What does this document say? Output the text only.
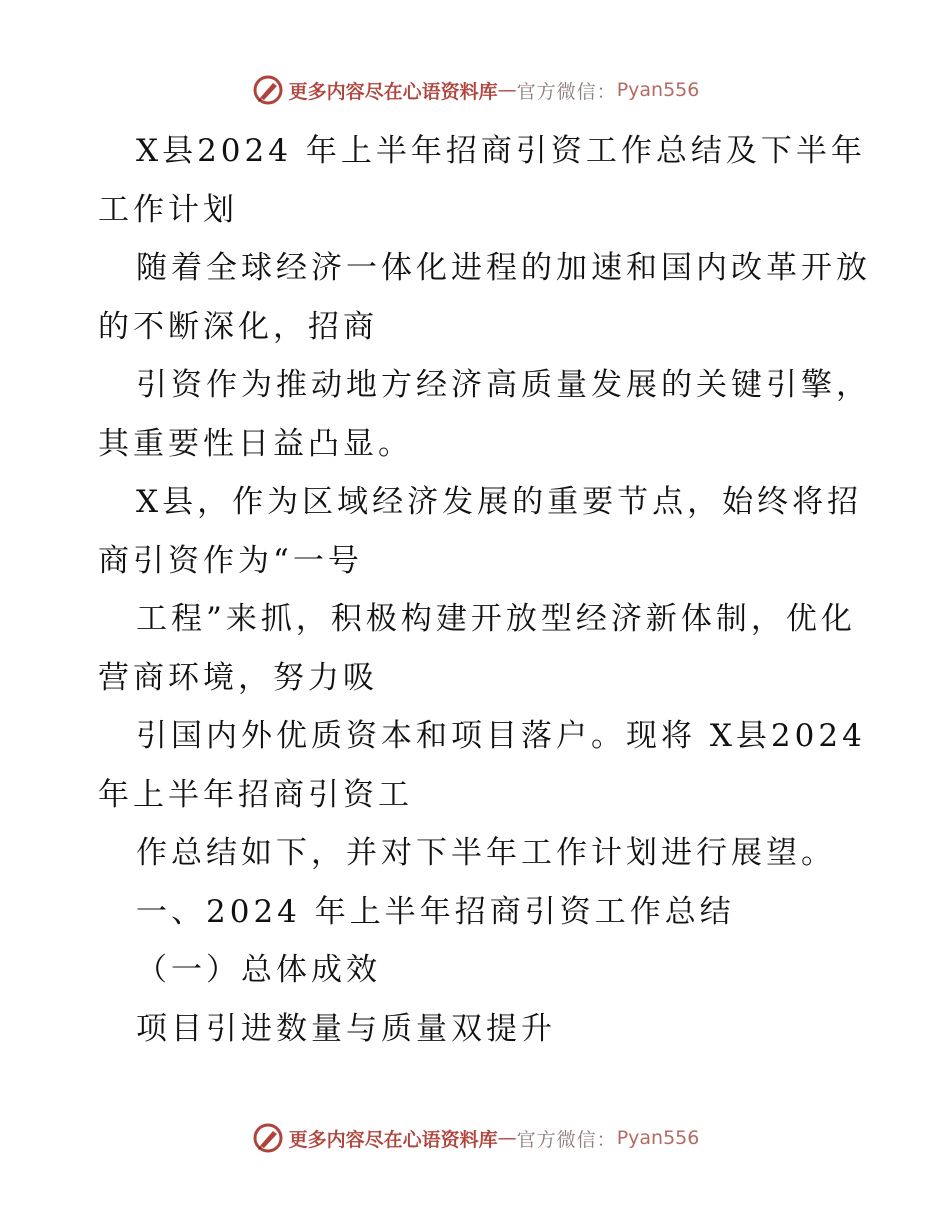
更多内容尽在心语资料库 — 官方微信： Pyan556
X县2024 年上半年招商引资工作总结及下半年
工作计划
随着全球经济一体化进程的加速和国内改革开放
的不断深化，招商
引资作为推动地方经济高质量发展的关键引擎，
其重要性日益凸显。
X县，作为区域经济发展的重要节点，始终将招
商引资作为“一号
工程”来抓，积极构建开放型经济新体制，优化
营商环境，努力吸
引国内外优质资本和项目落户。现将 X县2024
年上半年招商引资工
作总结如下，并对下半年工作计划进行展望。
一、2024 年上半年招商引资工作总结
（一）总体成效
项目引进数量与质量双提升
更多内容尽在心语资料库 — 官方微信： Pyan556
